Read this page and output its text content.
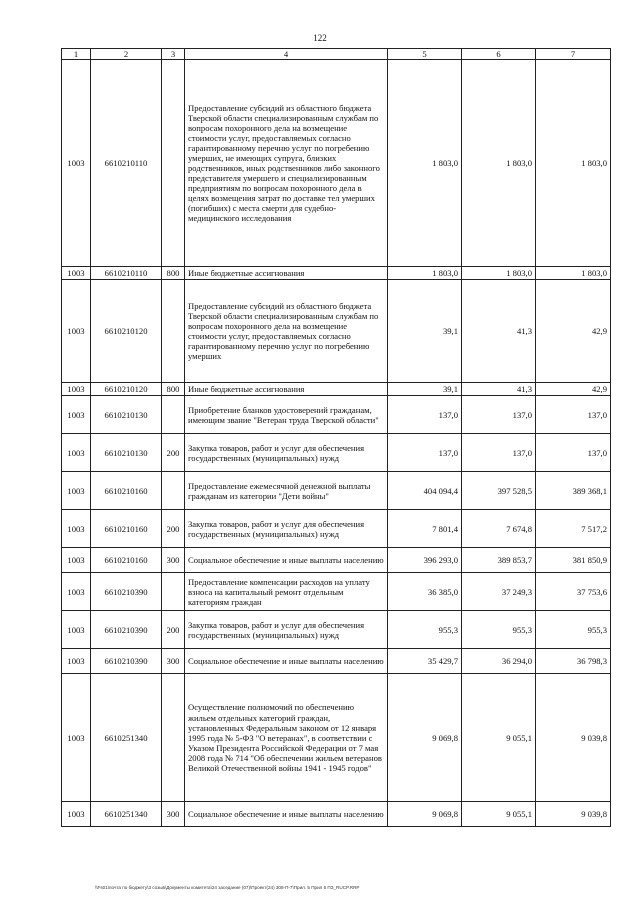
122
1	2	3	4	5	6	7
1003	6610210110		Предоставление субсидий из областного бюджета Тверской области специализированным службам по вопросам похоронного дела на возмещение стоимости услуг, предоставляемых согласно гарантированному перечню услуг по погребению умерших, не имеющих супруга, близких родственников, иных родственников либо законного представителя умершего и специализированным предприятиям по вопросам похоронного дела в целях возмещения затрат по доставке тел умерших (погибших) с места смерти для судебно-медицинского исследования	1 803,0	1 803,0	1 803,0
1003	6610210110	800	Иные бюджетные ассигнования	1 803,0	1 803,0	1 803,0
1003	6610210120		Предоставление субсидий из областного бюджета Тверской области специализированным службам по вопросам похоронного дела на возмещение стоимости услуг, предоставляемых согласно гарантированному перечню услуг по погребению умерших	39,1	41,3	42,9
1003	6610210120	800	Иные бюджетные ассигнования	39,1	41,3	42,9
1003	6610210130		Приобретение бланков удостоверений гражданам, имеющим звание "Ветеран труда Тверской области"	137,0	137,0	137,0
1003	6610210130	200	Закупка товаров, работ и услуг для обеспечения государственных (муниципальных) нужд	137,0	137,0	137,0
1003	6610210160		Предоставление ежемесячной денежной выплаты гражданам из категории "Дети войны"	404 094,4	397 528,5	389 368,1
1003	6610210160	200	Закупка товаров, работ и услуг для обеспечения государственных (муниципальных) нужд	7 801,4	7 674,8	7 517,2
1003	6610210160	300	Социальное обеспечение и иные выплаты населению	396 293,0	389 853,7	381 850,9
1003	6610210390		Предоставление компенсации расходов на уплату взноса на капитальный ремонт отдельным категориям граждан	36 385,0	37 249,3	37 753,6
1003	6610210390	200	Закупка товаров, работ и услуг для обеспечения государственных (муниципальных) нужд	955,3	955,3	955,3
1003	6610210390	300	Социальное обеспечение и иные выплаты населению	35 429,7	36 294,0	36 798,3
1003	6610251340		Осуществление полномочий по обеспечению жильем отдельных категорий граждан, установленных Федеральным законом от 12 января 1995 года № 5-ФЗ "О ветеранах", в соответствии с Указом Президента Российской Федерации от 7 мая 2008 года № 714 "Об обеспечении жильем ветеранов Великой Отечественной войны 1941 - 1945 годов"	9 069,8	9 055,1	9 039,8
1003	6610251340	300	Социальное обеспечение и иные выплаты населению	9 069,8	9 055,1	9 039,8
\\Fs01\почта по бюджету\3 созыв\Документы комитета\24 заседание (07)\Проект(24) 308-П-7\Прил. 5 Прил 5 ПЗ_RUCP.RRP
